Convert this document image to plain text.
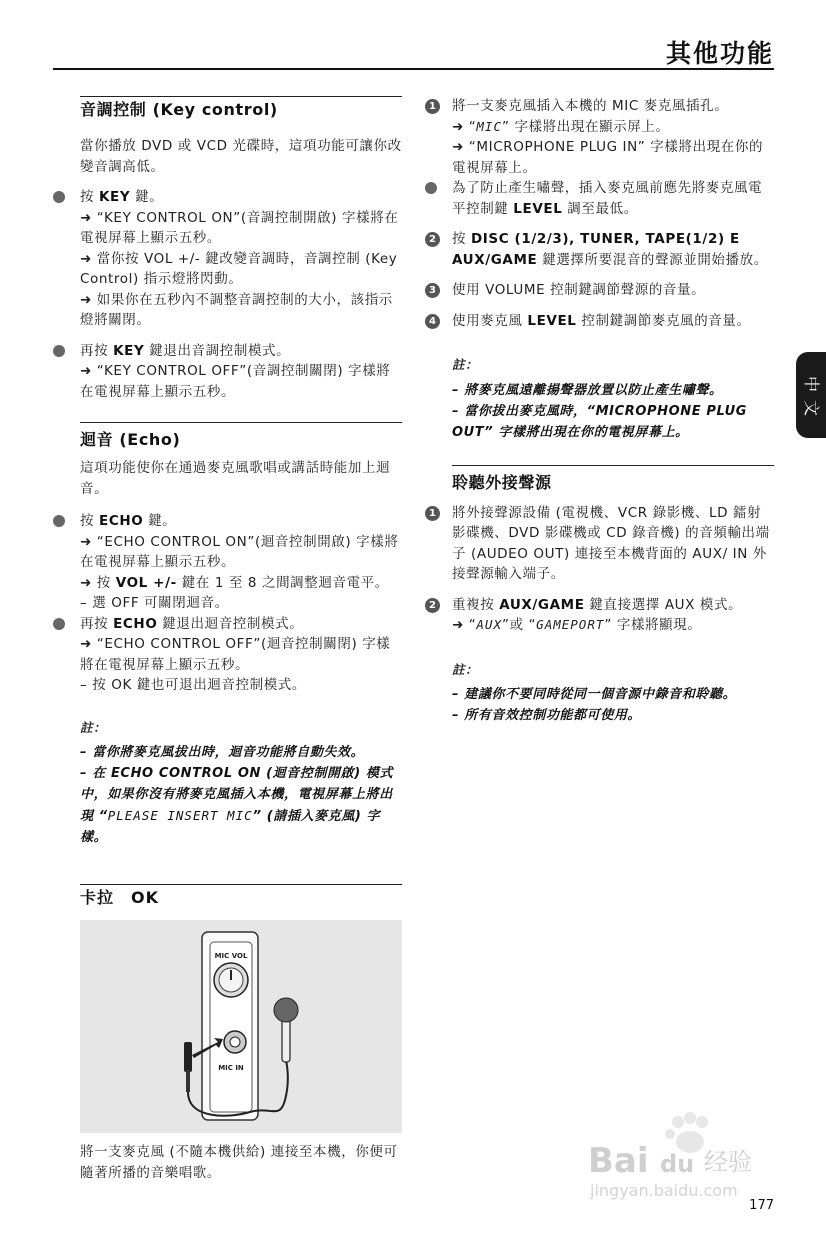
其他功能
音調控制 (Key control)
當你播放 DVD 或 VCD 光碟時，這項功能可讓你改變音調高低。
按 KEY 鍵。
➜ “KEY CONTROL ON”(音調控制開啟) 字樣將在電視屏幕上顯示五秒。
➜ 當你按 VOL +/- 鍵改變音調時，音調控制 (Key Control) 指示燈將閃動。
➜ 如果你在五秒內不調整音調控制的大小，該指示燈將關閉。
再按 KEY 鍵退出音調控制模式。
➜ “KEY CONTROL OFF”(音調控制關閉) 字樣將在電視屏幕上顯示五秒。
迴音 (Echo)
這項功能使你在通過麥克風歌唱或講話時能加上迴音。
按 ECHO 鍵。
➜ “ECHO CONTROL ON”(迴音控制開啟) 字樣將在電視屏幕上顯示五秒。
➜ 按 VOL +/- 鍵在 1 至 8 之間調整迴音電平。
– 選 OFF 可關閉迴音。
再按 ECHO 鍵退出迴音控制模式。
➜ “ECHO CONTROL OFF”(迴音控制關閉) 字樣將在電視屏幕上顯示五秒。
– 按 OK 鍵也可退出迴音控制模式。
註：
– 當你將麥克風拔出時，迴音功能將自動失效。
– 在 ECHO CONTROL ON (迴音控制開啟) 模式中，如果你沒有將麥克風插入本機，電視屏幕上將出現 “PLEASE INSERT MIC” (請插入麥克風) 字樣。
卡拉　OK
MIC VOL
MIC IN
將一支麥克風 (不隨本機供給) 連接至本機，你便可隨著所播的音樂唱歌。
1 將一支麥克風插入本機的 MIC 麥克風插孔。
➜ “MIC” 字樣將出現在顯示屏上。
➜ “MICROPHONE PLUG IN” 字樣將出現在你的電視屏幕上。
為了防止產生嘯聲，插入麥克風前應先將麥克風電平控制鍵 LEVEL 調至最低。
2 按 DISC (1/2/3), TUNER, TAPE(1/2) E AUX/GAME 鍵選擇所要混音的聲源並開始播放。
3 使用 VOLUME 控制鍵調節聲源的音量。
4 使用麥克風 LEVEL 控制鍵調節麥克風的音量。
註：
– 將麥克風遠離揚聲器放置以防止產生嘯聲。
– 當你拔出麥克風時，“MICROPHONE PLUG OUT” 字樣將出現在你的電視屏幕上。
聆聽外接聲源
1 將外接聲源設備 (電視機、VCR 錄影機、LD 鐳射影碟機、DVD 影碟機或 CD 錄音機) 的音頻輸出端子 (AUDEO OUT) 連接至本機背面的 AUX/ IN 外接聲源輸入端子。
2 重複按 AUX/GAME 鍵直接選擇 AUX 模式。
➜ “AUX”或 “GAMEPORT” 字樣將顯現。
註：
– 建議你不要同時從同一個音源中錄音和聆聽。
– 所有音效控制功能都可使用。
中
文
Bai du 经验
jingyan.baidu.com
177
